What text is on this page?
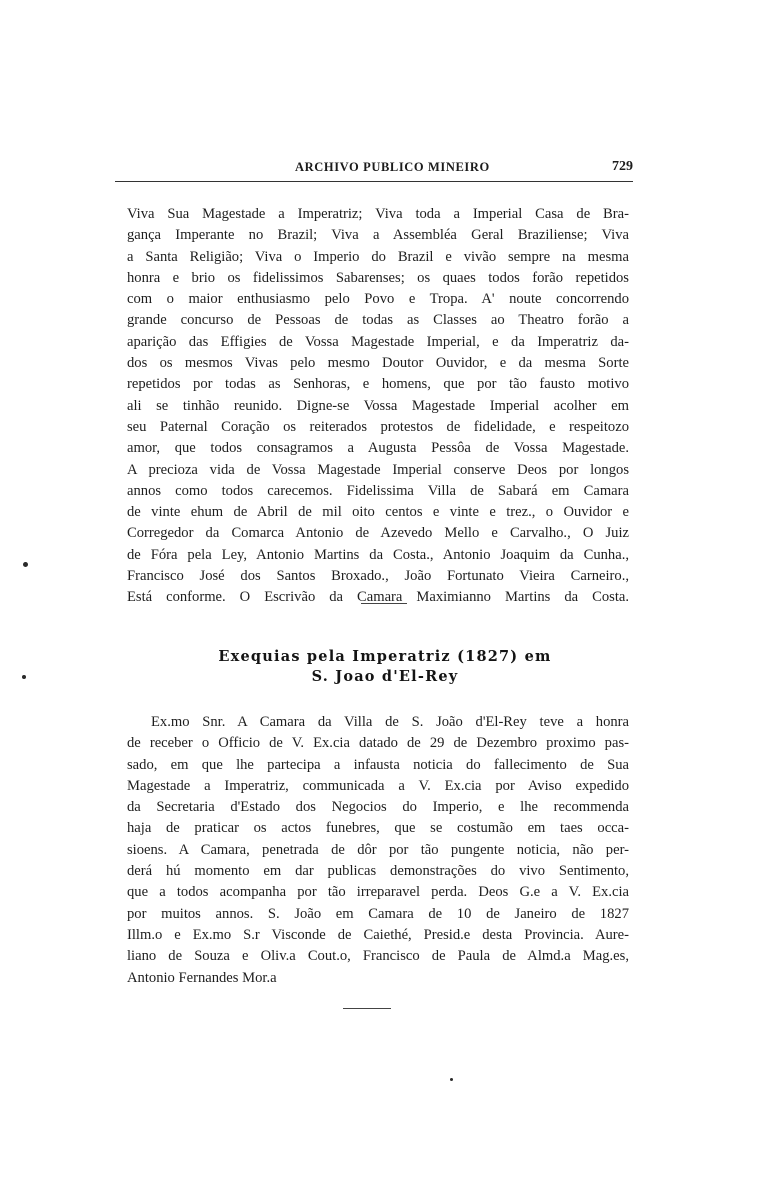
ARCHIVO PUBLICO MINEIRO	729
Viva Sua Magestade a Imperatriz; Viva toda a Imperial Casa de Bra-
gança Imperante no Brazil; Viva a Assembléa Geral Braziliense; Viva
a Santa Religião; Viva o Imperio do Brazil e vivão sempre na mesma
honra e brio os fidelissimos Sabarenses; os quaes todos forão repetidos
com o maior enthusiasmo pelo Povo e Tropa. A' noute concorrendo
grande concurso de Pessoas de todas as Classes ao Theatro forão a
aparição das Effigies de Vossa Magestade Imperial, e da Imperatriz da-
dos os mesmos Vivas pelo mesmo Doutor Ouvidor, e da mesma Sorte
repetidos por todas as Senhoras, e homens, que por tão fausto motivo
ali se tinhão reunido. Digne-se Vossa Magestade Imperial acolher em
seu Paternal Coração os reiterados protestos de fidelidade, e respeitozo
amor, que todos consagramos a Augusta Pessôa de Vossa Magestade.
A precioza vida de Vossa Magestade Imperial conserve Deos por longos
annos como todos carecemos. Fidelissima Villa de Sabará em Camara
de vinte ehum de Abril de mil oito centos e vinte e trez., o Ouvidor e
Corregedor da Comarca Antonio de Azevedo Mello e Carvalho., O Juiz
de Fóra pela Ley, Antonio Martins da Costa., Antonio Joaquim da Cunha.,
Francisco José dos Santos Broxado., João Fortunato Vieira Carneiro.,
Está conforme. O Escrivão da Camara Maximianno Martins da Costa.
Exequias pela Imperatriz (1827) em
S. Joao d'El-Rey
Ex.mo Snr. A Camara da Villa de S. João d'El-Rey teve a honra
de receber o Officio de V. Ex.cia datado de 29 de Dezembro proximo pas-
sado, em que lhe partecipa a infausta noticia do fallecimento de Sua
Magestade a Imperatriz, communicada a V. Ex.cia por Aviso expedido
da Secretaria d'Estado dos Negocios do Imperio, e lhe recommenda
haja de praticar os actos funebres, que se costumão em taes occa-
sioens. A Camara, penetrada de dôr por tão pungente noticia, não per-
derá hú momento em dar publicas demonstrações do vivo Sentimento,
que a todos acompanha por tão irreparavel perda. Deos G.e a V. Ex.cia
por muitos annos. S. João em Camara de 10 de Janeiro de 1827
Illm.o e Ex.mo S.r Visconde de Caiethé, Presid.e desta Provincia. Aure-
liano de Souza e Oliv.a Cout.o, Francisco de Paula de Almd.a Mag.es,
Antonio Fernandes Mor.a
